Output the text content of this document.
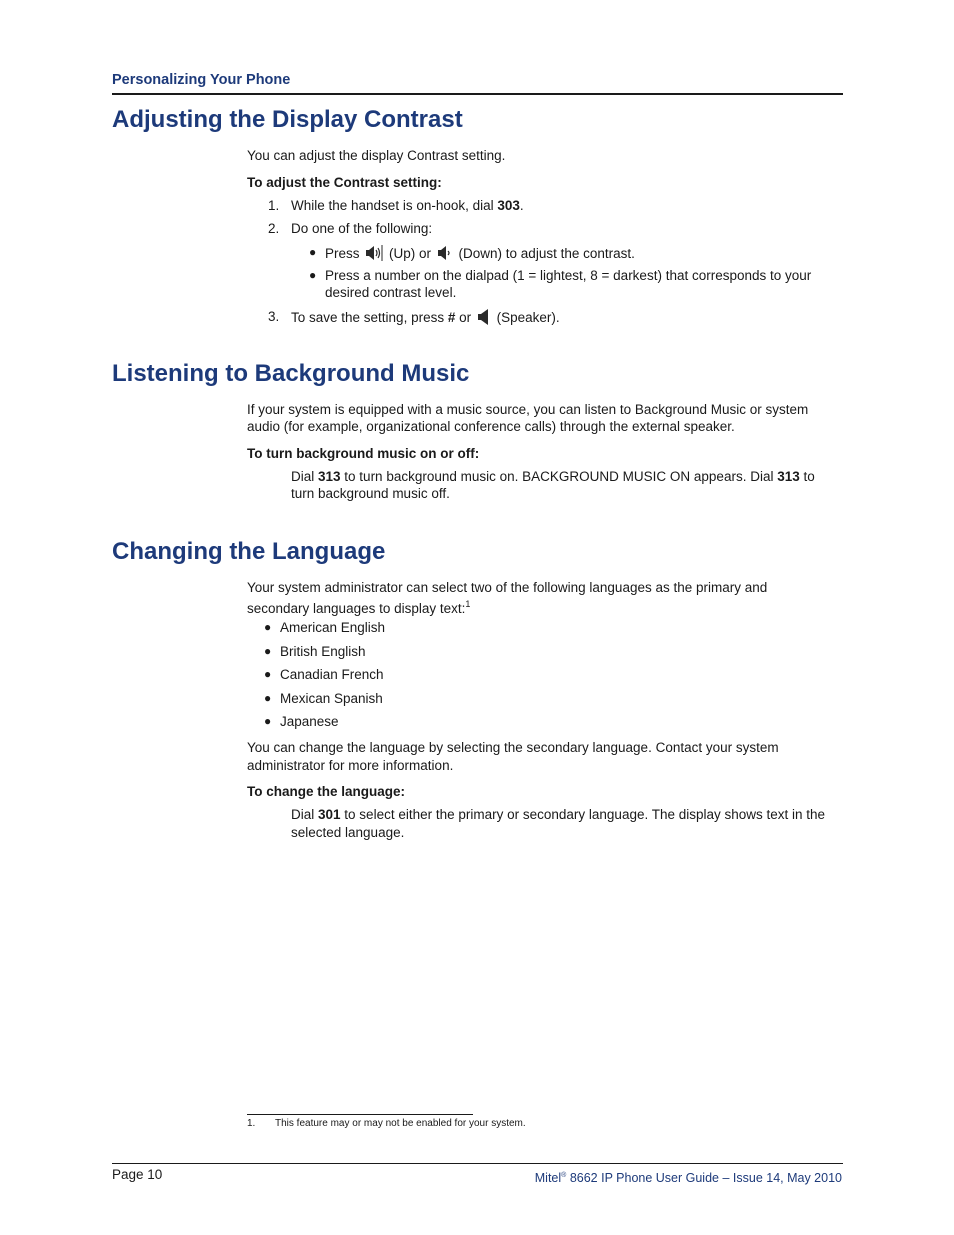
Personalizing Your Phone
Adjusting the Display Contrast
You can adjust the display Contrast setting.
To adjust the Contrast setting:
1. While the handset is on-hook, dial 303.
2. Do one of the following:
● Press
(Up) or
(Down) to adjust the contrast.
● Press a number on the dialpad (1 = lightest, 8 = darkest) that corresponds to your
desired contrast level.
3. To save the setting, press # or
(Speaker).
Listening to Background Music
If your system is equipped with a music source, you can listen to Background Music or system
audio (for example, organizational conference calls) through the external speaker.
To turn background music on or off:
Dial 313 to turn background music on. BACKGROUND MUSIC ON appears. Dial 313 to
turn background music off.
Changing the Language
Your system administrator can select two of the following languages as the primary and
secondary languages to display text:$^1$
● American English
● British English
● Canadian French
● Mexican Spanish
● Japanese
You can change the language by selecting the secondary language. Contact your system
administrator for more information.
To change the language:
Dial 301 to select either the primary or secondary language. The display shows text in the
selected language.
1. This feature may or may not be enabled for your system.
Page 10	Mitel® 8662 IP Phone User Guide – Issue 14, May 2010
